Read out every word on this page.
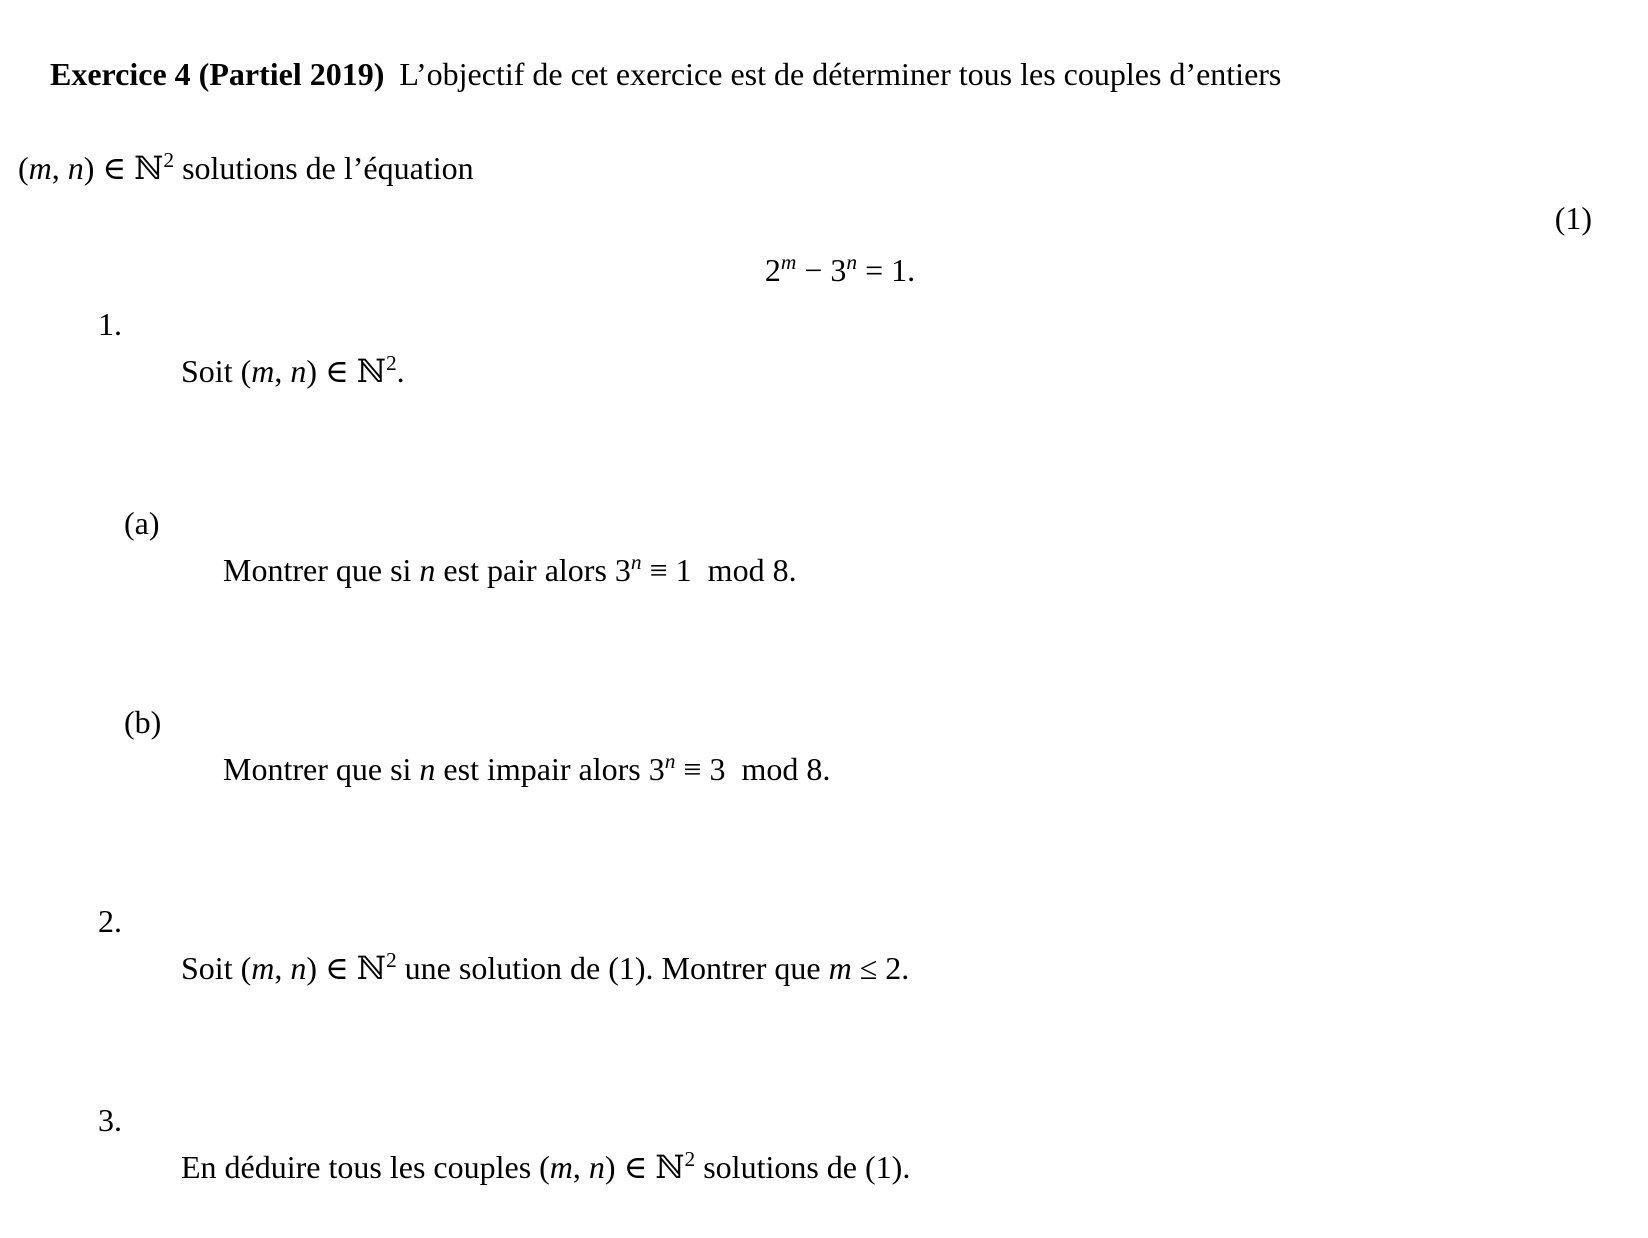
Exercice 4 (Partiel 2019) L’objectif de cet exercice est de déterminer tous les couples d’entiers

(m, n) ∈ ℕ$^2$ solutions de l’équation

$2^m - 3^n = 1$.

(1)

1.

Soit (m, n) ∈ ℕ$^2$.

(a)

Montrer que si n est pair alors $3^n \equiv 1$  mod 8.

(b)

Montrer que si n est impair alors $3^n \equiv 3$  mod 8.

2.

Soit (m, n) ∈ ℕ$^2$ une solution de (1). Montrer que m ≤ 2.

3.

En déduire tous les couples (m, n) ∈ ℕ$^2$ solutions de (1).
